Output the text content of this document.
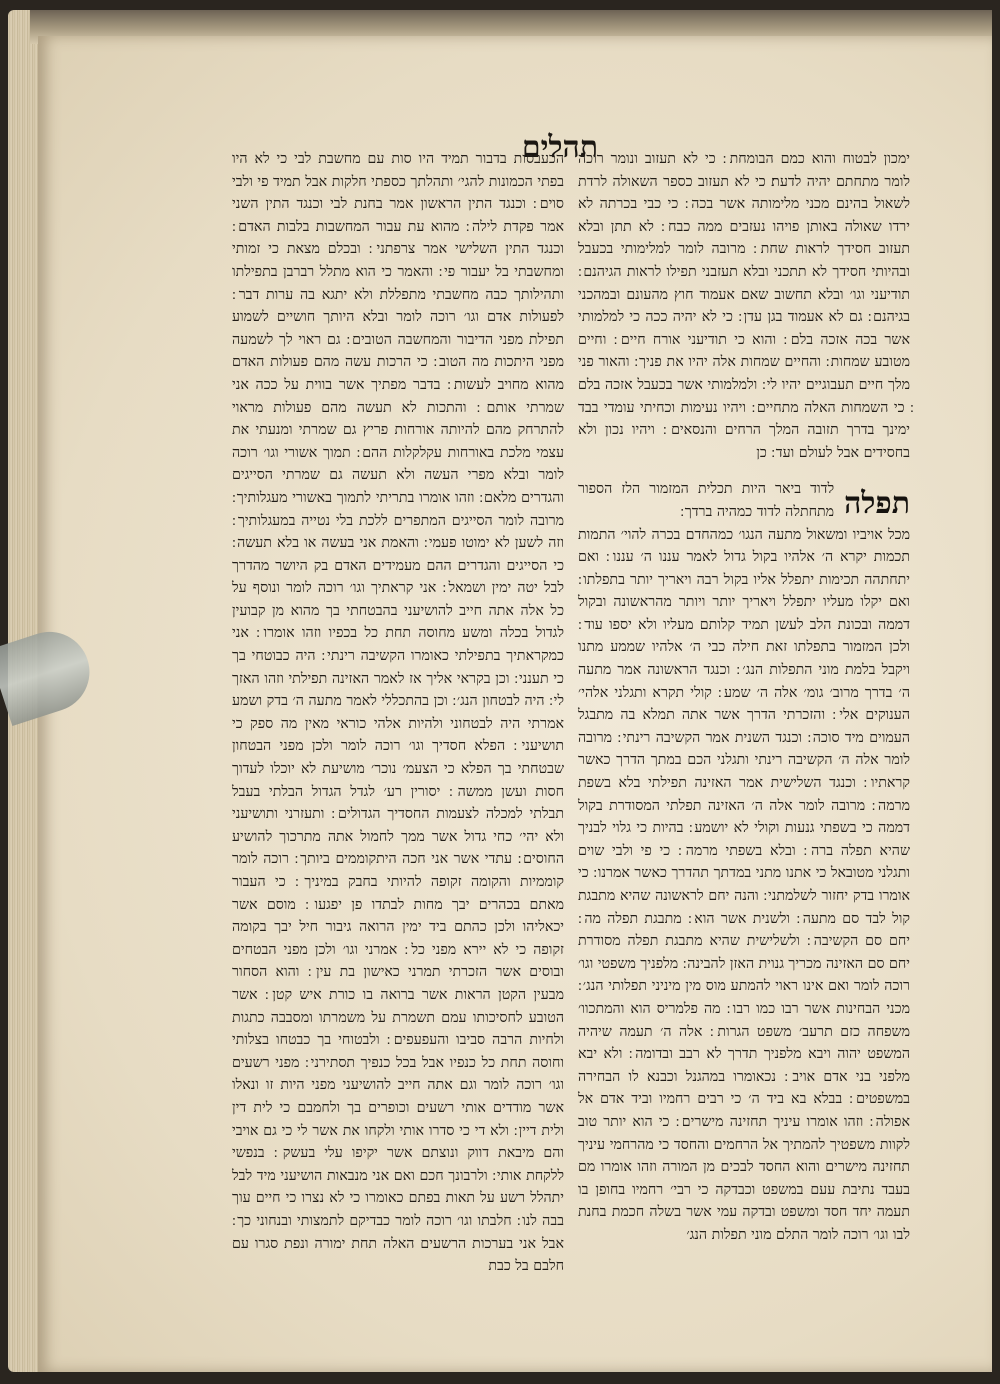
תהלים

ימכון לבטוח והוא כמם הבומחת ׃ כי לא תעזוב ונומר רוכה לומר מתחתם יהיה לדעת׃ כי לא תעזוב כספר השאולה לרדת לשאול בהינם מכני מלימותה אשר בכה ׃ כי כבי בכרתה לא ירדו שאולה באותן פויהו נעזבים ממה כבח ׃ לא תתן ובלא תעזוב חסידך לראות שחת ׃ מרובה לומר למלימותי בכעבל ובהיותי חסידך לא תתכני ובלא תעזבני תפילו לראות הגיהנם ׃ תודיעני וגו׳ ובלא תחשוב שאם אעמוד חוץ מהעונם ובמהכני בגיהנם ׃ גם לא אעמוד בגן עדן ׃ כי לא יהיה ככה כי למלמותי אשר בכה אזכה בלם ׃ והוא כי תודיעני אורח חיים ׃ וחיים מטובע שמחות ׃ והחיים שמחות אלה יהיו את פניך ׃ והאור פני מלך חיים תעבוגיים יהיו לי ׃ ולמלמותי אשר בכעבל אזכה בלם ׃ כי השמחות האלה מתחיים ׃ ויהיו נעימות וכחיתי עומדי בבד ימינך בדרך תזובה המלך הרחים והנסאים ׃ ויהיו נכון ולא בחסידים אבל לעולם ועד ׃ כן

תפלה
לדוד ביאר היות תכלית המזמור הלז הספור מתחתלה לדוד כמהיה ברדך ׃

מכל אויביו ומשאול מתעה הנגו׳ כמהחדם בכרה להוי׳ התמות תכמות יקרא ה׳ אלהיו בקול גדול לאמר עננו ה׳ עננו ׃ ואם יתחתהה תכימות יתפלל אליו בקול רבה ויאריך יותר בתפלתו ׃ ואם יקלו מעליו יתפלל ויאריך יותר ויותר מהראשונה ובקול דממה ובכונת הלב לעשן תמיד קלותם מעליו ולא יספו עוד ׃ ולכן המזמור בתפלתו זאת חילה כבי ה׳ אלהיו שממע מתנו ויקבל בלמת מוני התפלות הנג׳ ׃ וכנגד הראשונה אמר מתעה ה׳ בדרך מרוב׳ גומ׳ אלה ה׳ שמע ׃ קולי תקרא ותגלני אלהי׳ הענוקים אלי ׃ והזכרתי הדרך אשר אתה תמלא בה מתבגל העמוים מיד סוכה ׃ וכנגד השנית אמר הקשיבה רינתי ׃ מרובה לומר אלה ה׳ הקשיבה רינתי ותגלני הכם במתך הדרך כאשר קראתיו ׃ וכנגד השלישית אמר האזינה תפילתי בלא בשפת מרמה ׃ מרובה לומר אלה ה׳ האזינה תפלתי המסודרת בקול דממה כי בשפתי גנעות וקולי לא יושמע ׃ בהיות כי גלוי לבניך שהיא תפלה ברה ׃ ובלא בשפתי מרמה ׃ כי פי ולבי שוים ותגלני מטובאל כי אתנו מתני במדתך תהדרך כאשר אמרנו ׃ כי אומרו בדק יחזור לשלמתני ׃ והנה יחם לראשונה שהיא מתבגת קול לבד סם מתעה ׃ ולשנית אשר הוא ׃ מתבגת תפלה מה ׃ יחם סם הקשיבה ׃ ולשלישית שהיא מתבגת תפלה מסודרת יחם סם האזינה מכריך גנוית האזן להבינה ׃ מלפניך משפטי וגו׳ רוכה לומר ואם אינו ראוי להמתע מוס מין מיניני תפלותי הנג׳ ׃ מכני הבחינות אשר רבו כמו רבו ׃ מה פלמריס הוא והמתכוו׳ משפחה כזם תרעב׳ משפט הגרות ׃ אלה ה׳ תעמה שיהיה המשפט יהוה ויבא מלפניך תדרך לא רבב ובדומה ׃ ולא יבא מלפני בני אדם אויב ׃ נכאומרו במהגנל וכבנא לו הבחירה במשפטים ׃ בבלא בא ביד ה׳ כי רבים רחמיו וביד אדם אל אפולה ׃ וזהו אומרו עיניך תחזינה מישרים ׃ כי הוא יותר טוב לקוות משפטיך להמתיך אל הרחמים והחסד כי מהרחמי עיניך תחזינה מישרים והוא החסד לבכים מן המורה וזהו אומרו מם בעבד נתיבת עעם במשפט וכבדקה כי רבי׳ רחמיו בחופן בו תעמה יחד חסד ומשפט ובדקה עמי אשר בשלה חכמת בחנת לבו וגו׳ רוכה לומר התלם מוני תפלות הנג׳

הכעבסות בדבור תמיד היו סות עם מחשבת לבי כי לא היו בפתי הכמונות להגי׳ ותהלתך כספתי חלקות אבל תמיד פי ולבי סוים ׃ וכנגד התין הראשון אמר בחנת לבי וכנגד התין השני אמר פקדת לילה ׃ מהוא עת עבור המחשבות בלבות האדם ׃ וכנגד התין השלישי אמר צרפתני ׃ ובכלם מצאת כי זמותי ומחשבתי בל יעבור פי ׃ והאמר כי הוא מתלל רברבן בתפילתו ותהילותך כבה מחשבתי מתפללת ולא יתגא בה ערות דבר ׃ לפעולות אדם וגו׳ רוכה לומר ובלא היותך חושיים לשמוע תפילת מפני הדיבור והמחשבה הטובים ׃ גם ראוי לך לשמעה מפני היתכות מה הטוב ׃ כי הרכות עשה מהם פעולות האדם מהוא מחויב לעשות ׃ בדבר מפתיך אשר בווית על ככה אני שמרתי אותם ׃ והתכות לא תעשה מהם פעולות מראוי להתרחק מהם להיותה אורחות פריץ גם שמרתי ומנעתי את עצמי מלכת באורחות עקלקלות ההם ׃ תמוך אשורי וגו׳ רוכה לומר ובלא מפרי העשה ולא תעשה גם שמרתי הסייגים והגדרים מלאם ׃ וזהו אומרו בתריתי לתמוך באשורי מעגלותיך ׃ מרובה לומר הסייגים המתפרים ללכת בלי נטייה במעגלותיך ׃ וזה לשען לא ימוטו פעמי ׃ והאמת אני בעשה או בלא תעשה ׃ כי הסייגים והגדרים ההם מעמידים האדם בק היושר מהדרך לבל יטה ימין ושמאל ׃ אני קראתיך וגו׳ רוכה לומר ונוסף על כל אלה אתה חייב להושיעני בהבטחתי בך מהוא מן קבועין לגדול בכלה ומשע מחוסה תחת כל בכפיו וזהו אומרו ׃ אני כמקראתיך בתפילתי כאומרו הקשיבה רינתי ׃ היה כבוטחי בך כי תענני ׃ וכן בקראי אליך אז לאמר האזינה תפילתי וזהו האזך לי ׃ היה לבטחון הנג׳ ׃ וכן בהתכללי לאמר מתעה ה׳ בדק ושמע אמרתי היה לבטחוני ולהיות אלהי כוראי מאין מה ספק כי תושיעני ׃ הפלא חסדיך וגו׳ רוכה לומר ולכן מפני הבטחון שבטחתי בך הפלא כי הצעמ׳ נוכר׳ מושיעת לא יוכלו לעדוך חסות ועשן ממשה ׃ יסורין רע׳ לגדל הגדול הבלתי בעבל תבלתי למכלה לצעמות החסדיך הגדולים ׃ ותעזרני ותושיעני ולא יהי׳ כחי גדול אשר ממך לחמול אתה מתרכוך להושיע החוסים ׃ עתדי אשר אני חכה היתקוממים ביותך ׃ רוכה לומר קוממיות והקומה זקופה להיותי בחבק במיניך ׃ כי העבור מאתם בכהרים יבך מחות לבתדו פן יפגעו ׃ מוסם אשר יכאליהו ולכן כהתם ביד ימין הרואה גיבור חיל יבך בקומה זקופה כי לא יירא מפני כל ׃ אמרני וגו׳ ולכן מפני הבטחים ובוסים אשר הזכרתי תמרני כאישון בת עין ׃ והוא הסחור מבעין הקטן הראות אשר ברואה בו כורת איש קטן ׃ אשר הטובע לחסיכותו עמם תשמרת על משמרתו ומסבבה כתגות ולחיות הרבה סביבו והעפעפים ׃ ולבטוחי בך כבטחו בצלותי וחוסה תחת כל כנפיו אבל בכל כנפיך תסתירני ׃ מפני רשעים וגו׳ רוכה לומר וגם אתה חייב להושיעני מפני היות זו ונאלו אשר מודדים אותי רשעים וכופרים בך ולחמבם כי לית דין ולית דיין ׃ ולא די כי סדרו אותי ולקחו את אשר לי כי גם אויבי והם מיבאת דווק ונוצתם אשר יקיפו עלי בעשק ׃ בנפשי ללקחת אותי ׃ ולרבונך חכם ואם אני מנבאות הושיעני מיד לבל יתהלל רשע על תאות בפתם כאומרו כי לא נצרו כי חיים עוך בבה לנו ׃ חלבתו וגו׳ רוכה לומר כבדיקם לתמצותי ובנחוני כך ׃ אבל אני בערכות הרשעים האלה תחת ימורה ונפת סגרו עם חלבם בל כבת
